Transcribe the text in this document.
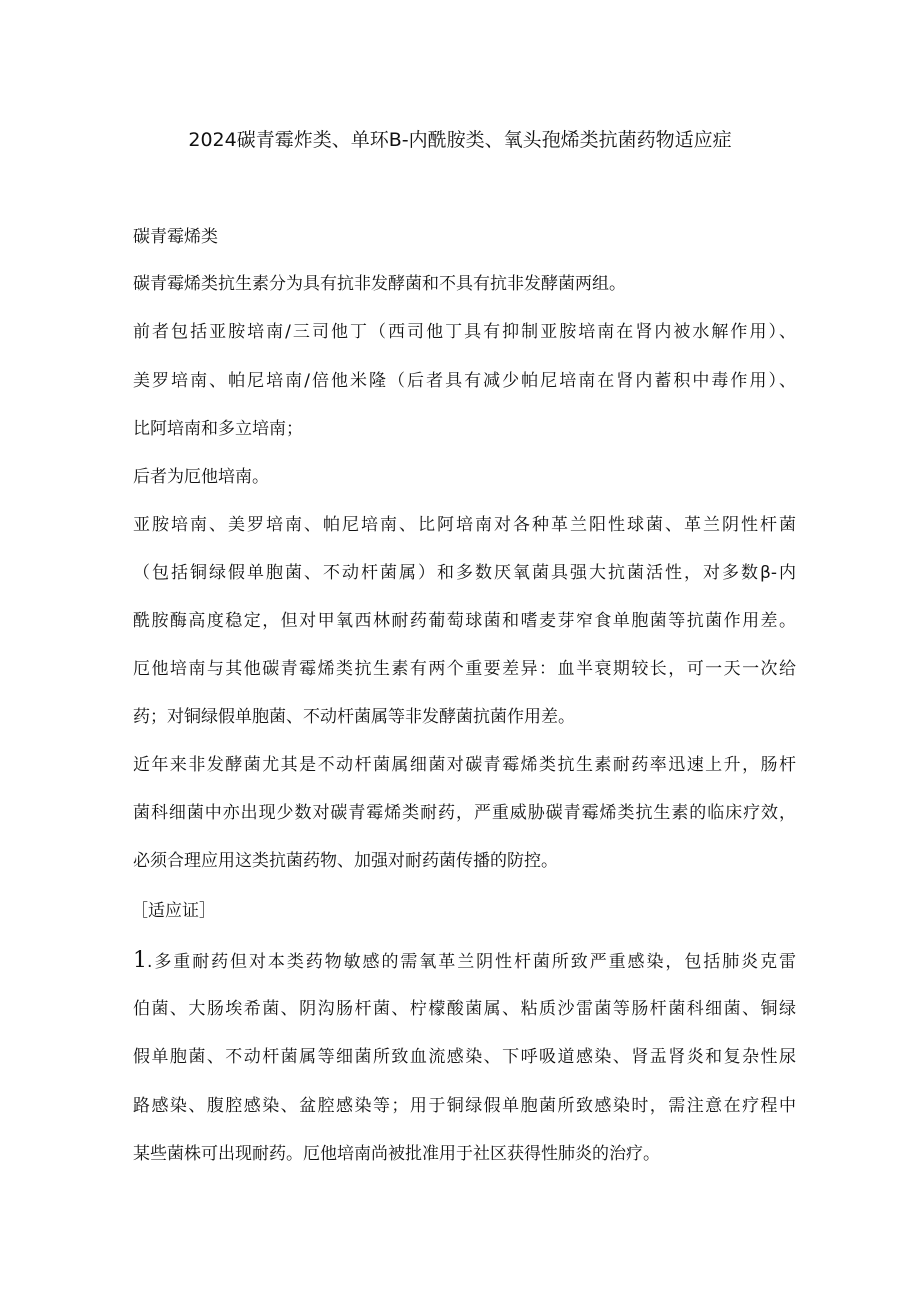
2024碳青霉炸类、单环B-内酰胺类、氧头孢烯类抗菌药物适应症
碳青霉烯类
碳青霉烯类抗生素分为具有抗非发酵菌和不具有抗非发酵菌两组。
前者包括亚胺培南/三司他丁（西司他丁具有抑制亚胺培南在肾内被水解作用）、
美罗培南、帕尼培南/倍他米隆（后者具有减少帕尼培南在肾内蓄积中毒作用）、
比阿培南和多立培南；
后者为厄他培南。
亚胺培南、美罗培南、帕尼培南、比阿培南对各种革兰阳性球菌、革兰阴性杆菌
（包括铜绿假单胞菌、不动杆菌属）和多数厌氧菌具强大抗菌活性，对多数β-内
酰胺酶高度稳定，但对甲氧西林耐药葡萄球菌和嗜麦芽窄食单胞菌等抗菌作用差。
厄他培南与其他碳青霉烯类抗生素有两个重要差异：血半衰期较长，可一天一次给
药；对铜绿假单胞菌、不动杆菌属等非发酵菌抗菌作用差。
近年来非发酵菌尤其是不动杆菌属细菌对碳青霉烯类抗生素耐药率迅速上升，肠杆
菌科细菌中亦出现少数对碳青霉烯类耐药，严重威胁碳青霉烯类抗生素的临床疗效，
必须合理应用这类抗菌药物、加强对耐药菌传播的防控。
［适应证］
1.多重耐药但对本类药物敏感的需氧革兰阴性杆菌所致严重感染，包括肺炎克雷
伯菌、大肠埃希菌、阴沟肠杆菌、柠檬酸菌属、粘质沙雷菌等肠杆菌科细菌、铜绿
假单胞菌、不动杆菌属等细菌所致血流感染、下呼吸道感染、肾盂肾炎和复杂性尿
路感染、腹腔感染、盆腔感染等；用于铜绿假单胞菌所致感染时，需注意在疗程中
某些菌株可出现耐药。厄他培南尚被批准用于社区获得性肺炎的治疗。
